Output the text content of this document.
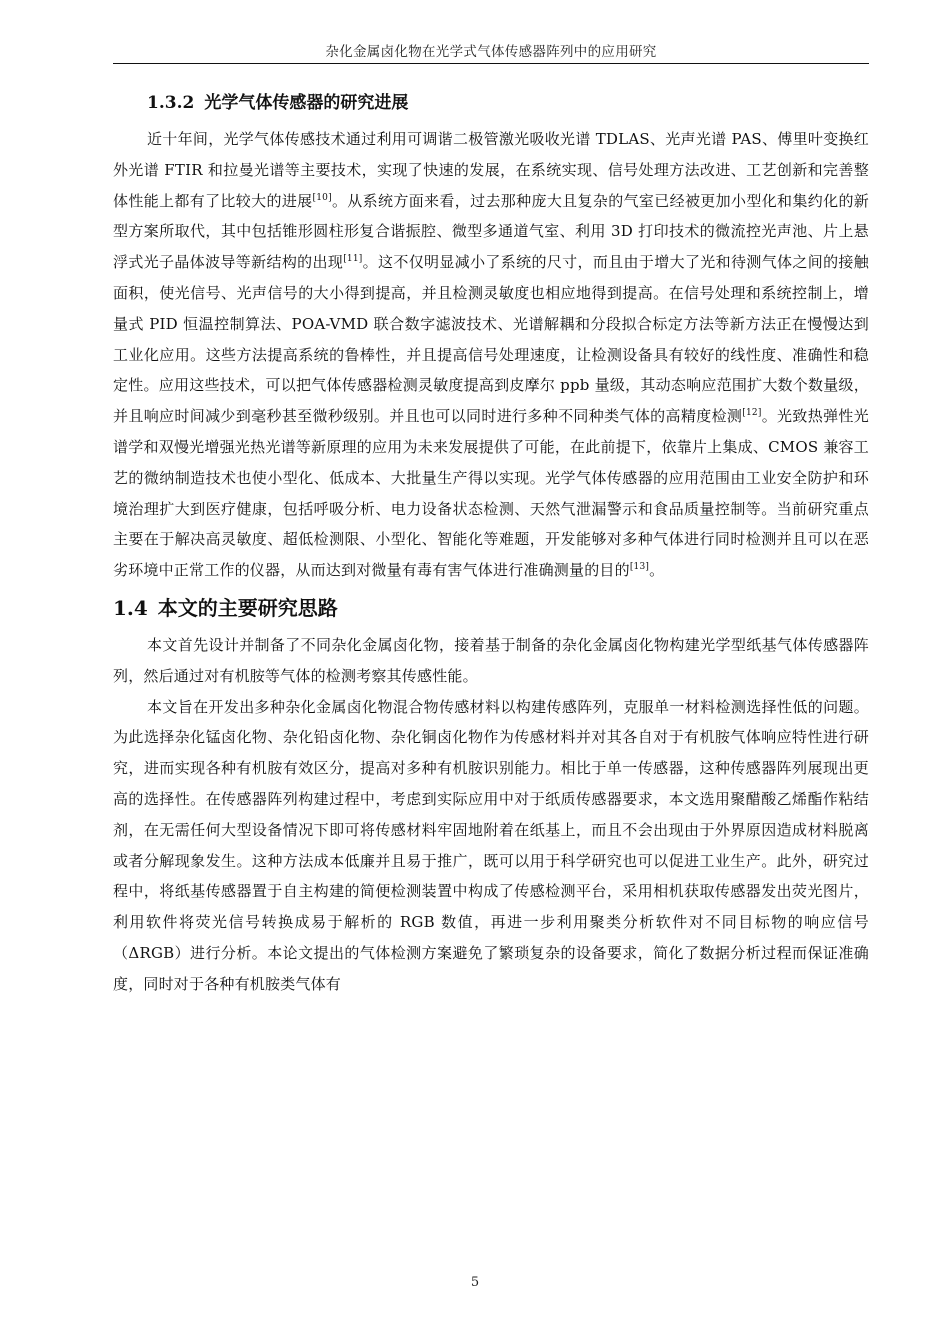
杂化金属卤化物在光学式气体传感器阵列中的应用研究
1.3.2 光学气体传感器的研究进展

近十年间，光学气体传感技术通过利用可调谐二极管激光吸收光谱 TDLAS、光声光谱 PAS、傅里叶变换红外光谱 FTIR 和拉曼光谱等主要技术，实现了快速的发展，在系统实现、信号处理方法改进、工艺创新和完善整体性能上都有了比较大的进展[10]。从系统方面来看，过去那种庞大且复杂的气室已经被更加小型化和集约化的新型方案所取代，其中包括锥形圆柱形复合谐振腔、微型多通道气室、利用 3D 打印技术的微流控光声池、片上悬浮式光子晶体波导等新结构的出现[11]。这不仅明显减小了系统的尺寸，而且由于增大了光和待测气体之间的接触面积，使光信号、光声信号的大小得到提高，并且检测灵敏度也相应地得到提高。在信号处理和系统控制上，增量式 PID 恒温控制算法、POA-VMD 联合数字滤波技术、光谱解耦和分段拟合标定方法等新方法正在慢慢达到工业化应用。这些方法提高系统的鲁棒性，并且提高信号处理速度，让检测设备具有较好的线性度、准确性和稳定性。应用这些技术，可以把气体传感器检测灵敏度提高到皮摩尔 ppb 量级，其动态响应范围扩大数个数量级，并且响应时间减少到毫秒甚至微秒级别。并且也可以同时进行多种不同种类气体的高精度检测[12]。光致热弹性光谱学和双慢光增强光热光谱等新原理的应用为未来发展提供了可能，在此前提下，依靠片上集成、CMOS 兼容工艺的微纳制造技术也使小型化、低成本、大批量生产得以实现。光学气体传感器的应用范围由工业安全防护和环境治理扩大到医疗健康，包括呼吸分析、电力设备状态检测、天然气泄漏警示和食品质量控制等。当前研究重点主要在于解决高灵敏度、超低检测限、小型化、智能化等难题，开发能够对多种气体进行同时检测并且可以在恶劣环境中正常工作的仪器，从而达到对微量有毒有害气体进行准确测量的目的[13]。

1.4 本文的主要研究思路

本文首先设计并制备了不同杂化金属卤化物，接着基于制备的杂化金属卤化物构建光学型纸基气体传感器阵列，然后通过对有机胺等气体的检测考察其传感性能。

本文旨在开发出多种杂化金属卤化物混合物传感材料以构建传感阵列，克服单一材料检测选择性低的问题。为此选择杂化锰卤化物、杂化铅卤化物、杂化铜卤化物作为传感材料并对其各自对于有机胺气体响应特性进行研究，进而实现各种有机胺有效区分，提高对多种有机胺识别能力。相比于单一传感器，这种传感器阵列展现出更高的选择性。在传感器阵列构建过程中，考虑到实际应用中对于纸质传感器要求，本文选用聚醋酸乙烯酯作粘结剂，在无需任何大型设备情况下即可将传感材料牢固地附着在纸基上，而且不会出现由于外界原因造成材料脱离或者分解现象发生。这种方法成本低廉并且易于推广，既可以用于科学研究也可以促进工业生产。此外，研究过程中，将纸基传感器置于自主构建的简便检测装置中构成了传感检测平台，采用相机获取传感器发出荧光图片，利用软件将荧光信号转换成易于解析的 RGB 数值，再进一步利用聚类分析软件对不同目标物的响应信号（ΔRGB）进行分析。本论文提出的气体检测方案避免了繁琐复杂的设备要求，简化了数据分析过程而保证准确度，同时对于各种有机胺类气体有

5
